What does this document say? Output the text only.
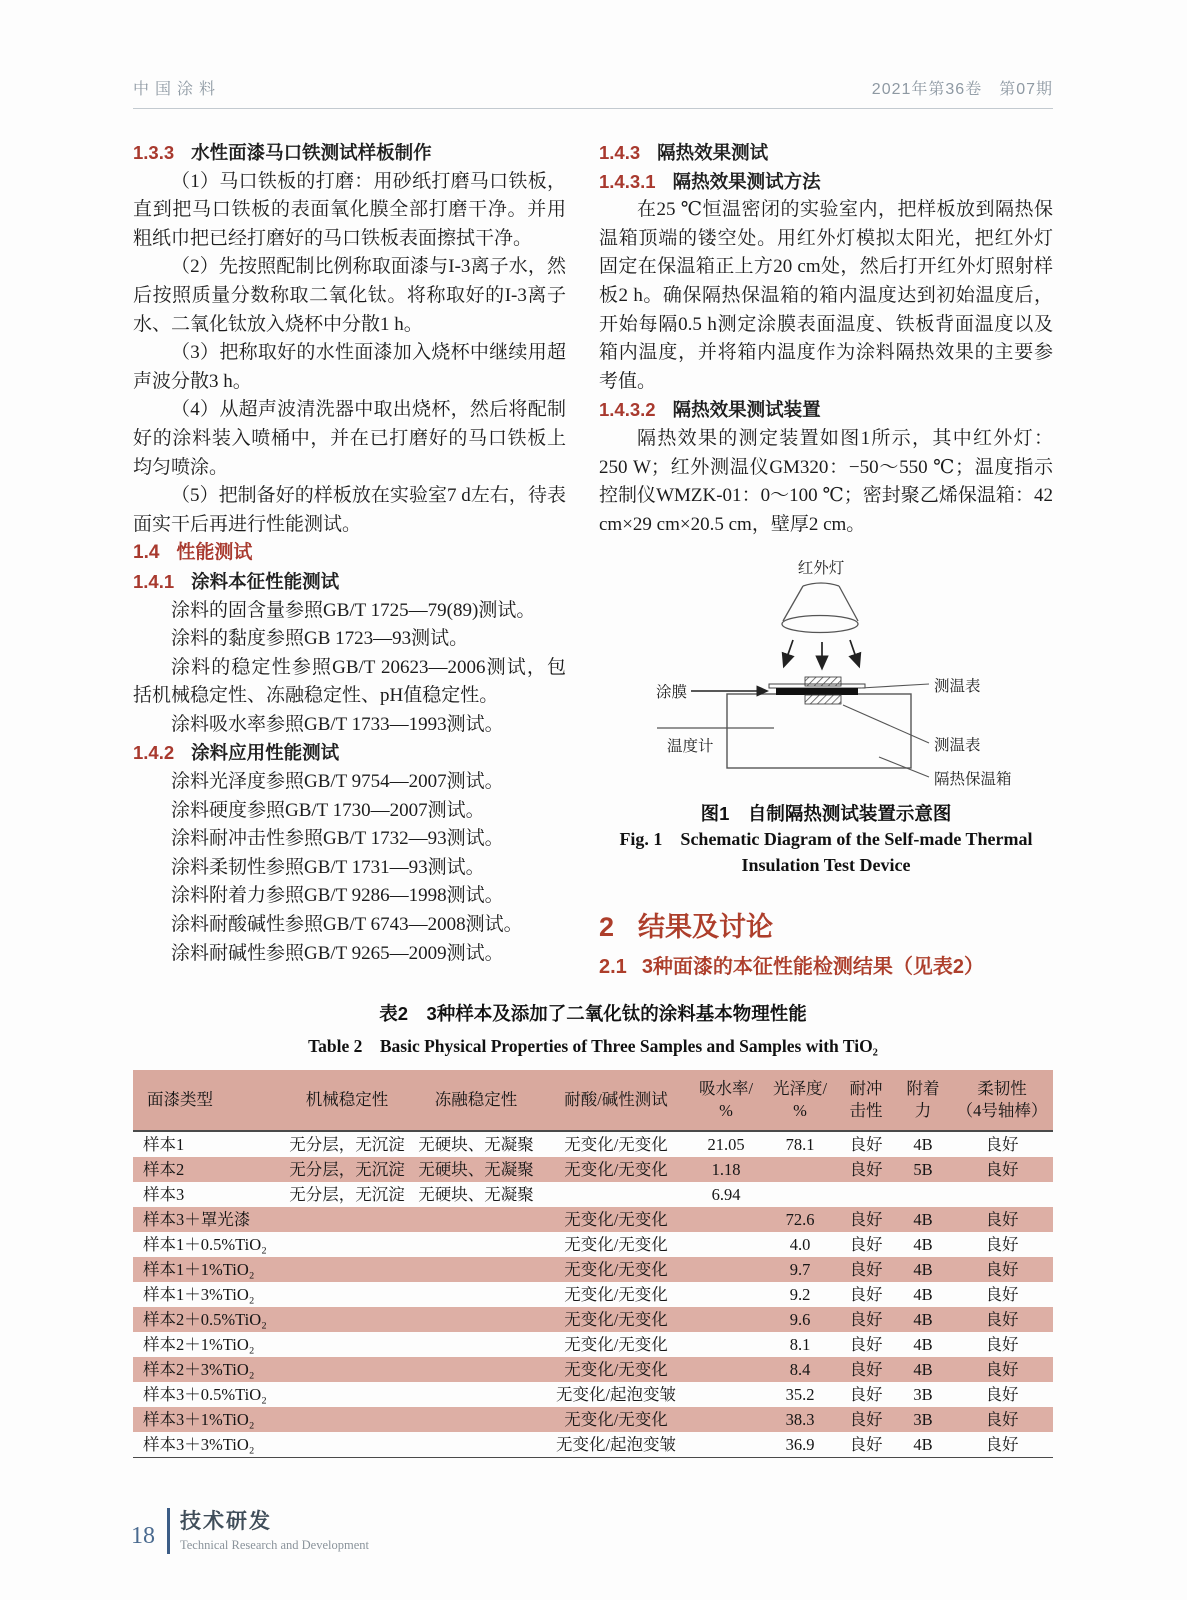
中国涂料	2021年第36卷　第07期
1.3.3 水性面漆马口铁测试样板制作

（1）马口铁板的打磨：用砂纸打磨马口铁板，直到把马口铁板的表面氧化膜全部打磨干净。并用粗纸巾把已经打磨好的马口铁板表面擦拭干净。

（2）先按照配制比例称取面漆与I-3离子水，然后按照质量分数称取二氧化钛。将称取好的I-3离子水、二氧化钛放入烧杯中分散1 h。

（3）把称取好的水性面漆加入烧杯中继续用超声波分散3 h。

（4）从超声波清洗器中取出烧杯，然后将配制好的涂料装入喷桶中，并在已打磨好的马口铁板上均匀喷涂。

（5）把制备好的样板放在实验室7 d左右，待表面实干后再进行性能测试。

1.4 性能测试
1.4.1 涂料本征性能测试

涂料的固含量参照GB/T 1725—79(89)测试。

涂料的黏度参照GB 1723—93测试。

涂料的稳定性参照GB/T 20623—2006测试，包括机械稳定性、冻融稳定性、pH值稳定性。

涂料吸水率参照GB/T 1733—1993测试。

1.4.2 涂料应用性能测试

涂料光泽度参照GB/T 9754—2007测试。

涂料硬度参照GB/T 1730—2007测试。

涂料耐冲击性参照GB/T 1732—93测试。

涂料柔韧性参照GB/T 1731—93测试。

涂料附着力参照GB/T 9286—1998测试。

涂料耐酸碱性参照GB/T 6743—2008测试。

涂料耐碱性参照GB/T 9265—2009测试。

1.4.3 隔热效果测试
1.4.3.1 隔热效果测试方法

在25 ℃恒温密闭的实验室内，把样板放到隔热保温箱顶端的镂空处。用红外灯模拟太阳光，把红外灯固定在保温箱正上方20 cm处，然后打开红外灯照射样板2 h。确保隔热保温箱的箱内温度达到初始温度后，开始每隔0.5 h测定涂膜表面温度、铁板背面温度以及箱内温度，并将箱内温度作为涂料隔热效果的主要参考值。

1.4.3.2 隔热效果测试装置

隔热效果的测定装置如图1所示，其中红外灯：250 W；红外测温仪GM320：−50～550 ℃；温度指示控制仪WMZK-01：0～100 ℃；密封聚乙烯保温箱：42 cm×29 cm×20.5 cm，壁厚2 cm。

红外灯
涂膜
温度计
测温表
测温表
隔热保温箱
图1　自制隔热测试装置示意图
Fig. 1　Schematic Diagram of the Self-made Thermal
Insulation Test Device
2 结果及讨论
2.1 3种面漆的本征性能检测结果（见表2）
表2　3种样本及添加了二氧化钛的涂料基本物理性能
Table 2　Basic Physical Properties of Three Samples and Samples with TiO₂
面漆类型	机械稳定性	冻融稳定性	耐酸/碱性测试	吸水率/
%	光泽度/
%	耐冲
击性	附着
力	柔韧性
（4号轴棒）

样本1	无分层，无沉淀	无硬块、无凝聚	无变化/无变化	21.05	78.1	良好	4B	良好
样本2	无分层，无沉淀	无硬块、无凝聚	无变化/无变化	1.18		良好	5B	良好
样本3	无分层，无沉淀	无硬块、无凝聚		6.94				
样本3＋罩光漆			无变化/无变化		72.6	良好	4B	良好
样本1＋0.5%TiO₂			无变化/无变化		4.0	良好	4B	良好
样本1＋1%TiO₂			无变化/无变化		9.7	良好	4B	良好
样本1＋3%TiO₂			无变化/无变化		9.2	良好	4B	良好
样本2＋0.5%TiO₂			无变化/无变化		9.6	良好	4B	良好
样本2＋1%TiO₂			无变化/无变化		8.1	良好	4B	良好
样本2＋3%TiO₂			无变化/无变化		8.4	良好	4B	良好
样本3＋0.5%TiO₂			无变化/起泡变皱		35.2	良好	3B	良好
样本3＋1%TiO₂			无变化/无变化		38.3	良好	3B	良好
样本3＋3%TiO₂			无变化/起泡变皱		36.9	良好	4B	良好
18
技术研发
Technical Research and Development
